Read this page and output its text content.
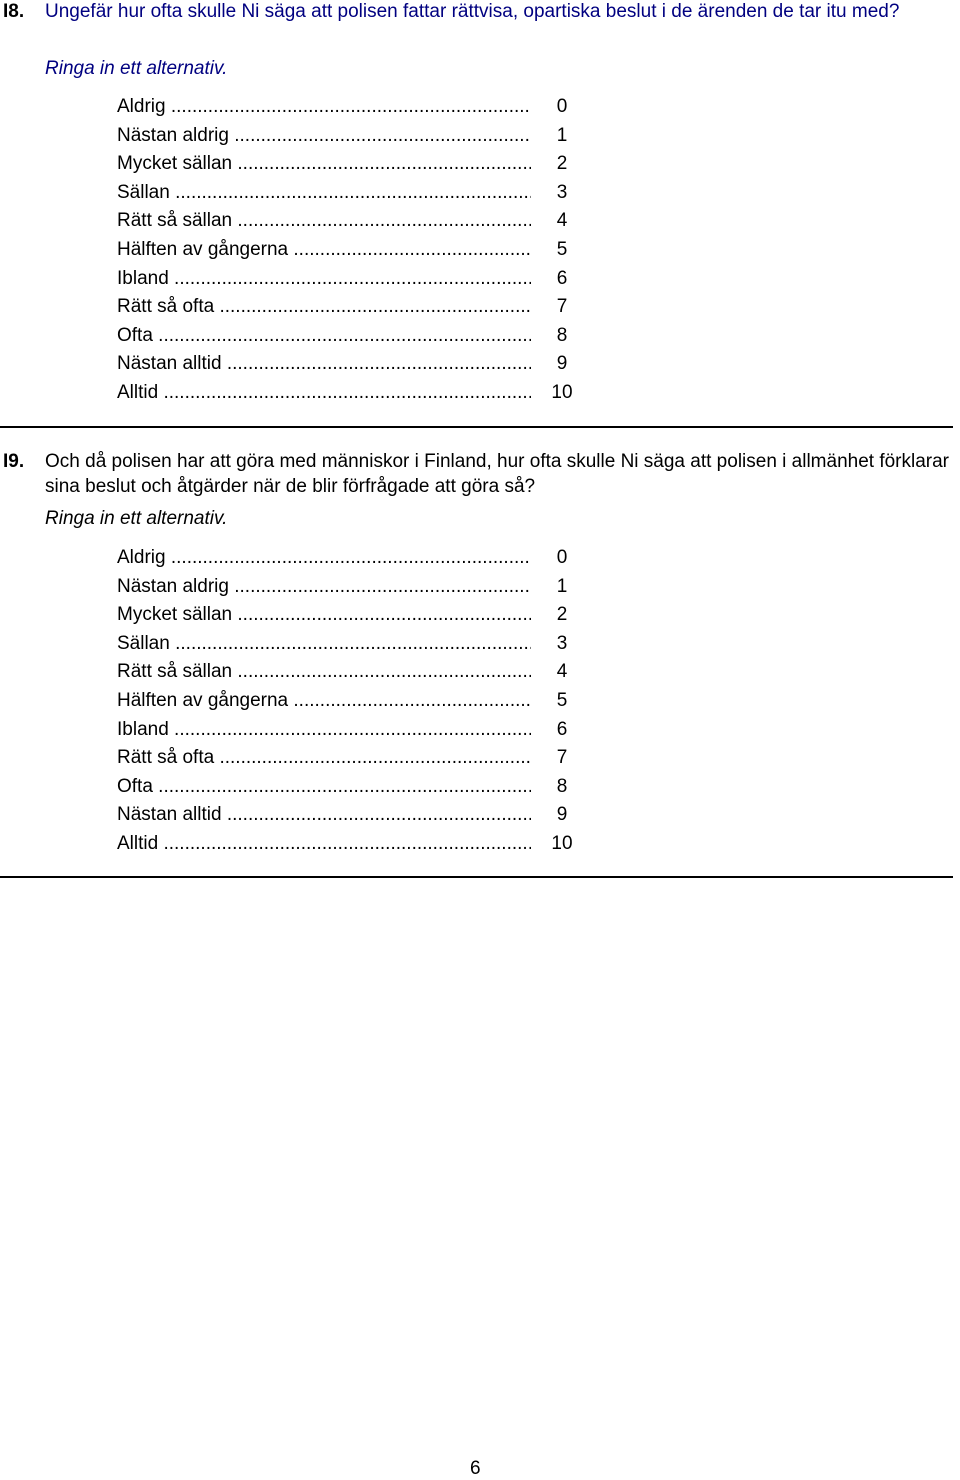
I8. Ungefär hur ofta skulle Ni säga att polisen fattar rättvisa, opartiska beslut i de ärenden de tar itu med?
Ringa in ett alternativ.
Aldrig .....	0
Nästan aldrig .....	1
Mycket sällan .....	2
Sällan .....	3
Rätt så sällan .....	4
Hälften av gångerna .....	5
Ibland .....	6
Rätt så ofta .....	7
Ofta .....	8
Nästan alltid .....	9
Alltid .....	10
I9. Och då polisen har att göra med människor i Finland, hur ofta skulle Ni säga att polisen i allmänhet förklarar sina beslut och åtgärder när de blir förfrågade att göra så?
Ringa in ett alternativ.
Aldrig .....	0
Nästan aldrig .....	1
Mycket sällan .....	2
Sällan .....	3
Rätt så sällan .....	4
Hälften av gångerna .....	5
Ibland .....	6
Rätt så ofta .....	7
Ofta .....	8
Nästan alltid .....	9
Alltid .....	10
6
